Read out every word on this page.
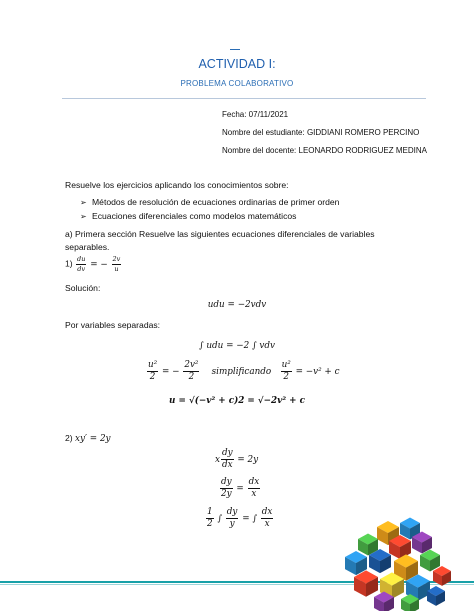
ACTIVIDAD I:
PROBLEMA COLABORATIVO
Fecha: 07/11/2021
Nombre del estudiante: GIDDIANI ROMERO PERCINO
Nombre del docente: LEONARDO RODRIGUEZ MEDINA
Resuelve los ejercicios aplicando los conocimientos sobre:
➢ Métodos de resolución de ecuaciones ordinarias de primer orden
➢ Ecuaciones diferenciales como modelos matemáticos
a) Primera sección Resuelve las siguientes ecuaciones diferenciales de variables
separables.
$1) \frac{du}{dv}$ = − $\frac{2v}{u}$
Solución:
udu = −2vdv
Por variables separadas:
∫ udu = −2 ∫ vdv
$\frac{\text{u²}}{2}$ = − $\frac{\text{2v²}}{2}$ simplificando $\frac{\text{u²}}{2} = -v^2 + c$
u = √(−v² + c)2 = √−2v² + c
2) xy′ = 2y
x $\frac{dy}{dx} = 2y$
$\frac{dy}{2y} = \frac{dx}{x}$
$\frac{1}{2}$ ∫ $\frac{dy}{y}$ = ∫ $\frac{dx}{x}$
